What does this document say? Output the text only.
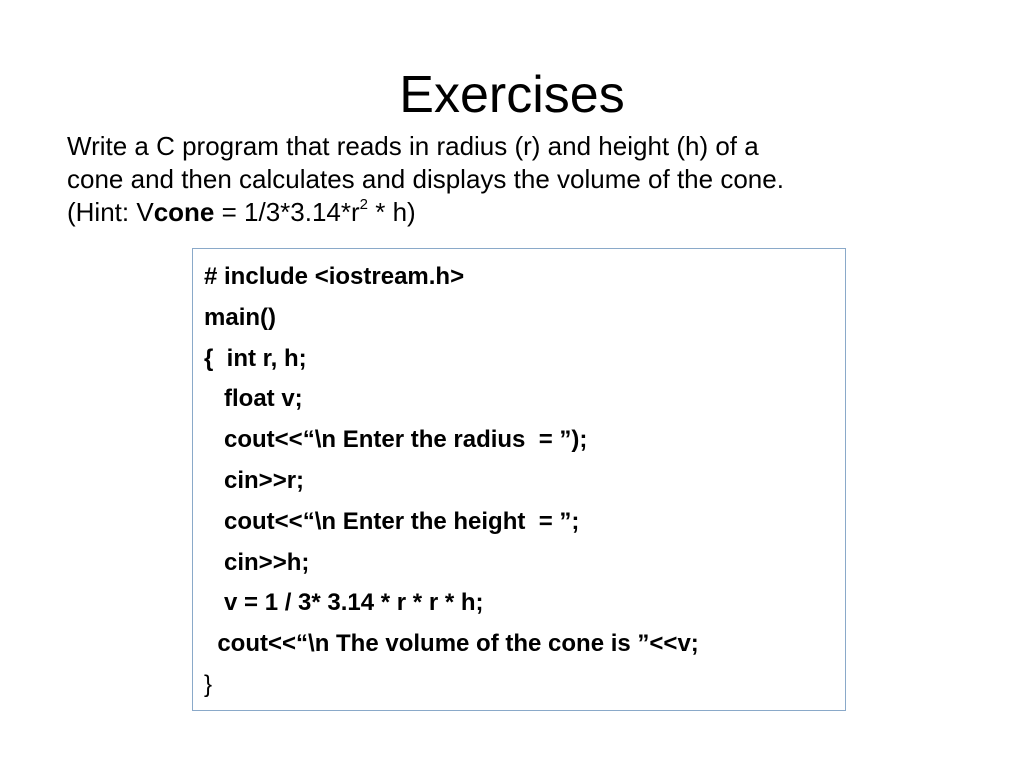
Exercises

Write a C program that reads in radius (r) and height (h) of a

cone and then calculates and displays the volume of the cone.

(Hint: Vcone = $1/3*3.14*r^2 * h$)

# include <iostream.h>

main()

{  int r, h;

float v;

cout<<“\n Enter the radius  = ”);

cin>>r;

cout<<“\n Enter the height  = ”;

cin>>h;

v = 1 / 3* 3.14 * r * r * h;

cout<<“\n The volume of the cone is ”<<v;

}
